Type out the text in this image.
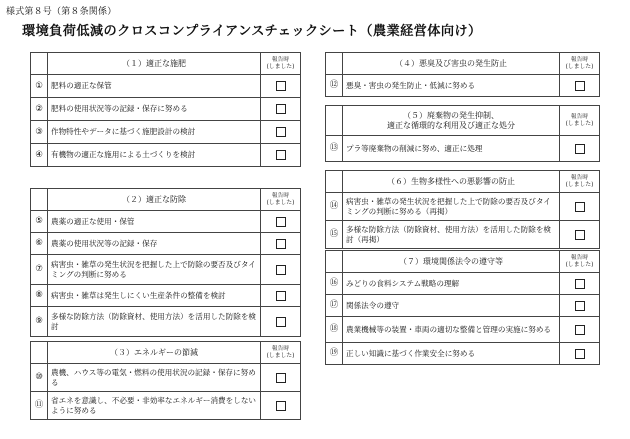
様式第８号（第８条関係）
環境負荷低減のクロスコンプライアンスチェックシート（農業経営体向け）
	（１）適正な施肥	報告時
(しました)
①	肥料の適正な保管	
②	肥料の使用状況等の記録・保存に努める	
③	作物特性やデータに基づく施肥設計の検討	
④	有機物の適正な施用による土づくりを検討	
	（２）適正な防除	報告時
(しました)
⑤	農薬の適正な使用・保管	
⑥	農薬の使用状況等の記録・保存	
⑦	病害虫・雑草の発生状況を把握した上で防除の要否及びタイミングの判断に努める	
⑧	病害虫・雑草は発生しにくい生産条件の整備を検討	
⑨	多様な防除方法（防除資材、使用方法）を活用した防除を検討	
	（３）エネルギーの節減	報告時
(しました)
⑩	農機、ハウス等の電気・燃料の使用状況の記録・保存に努める	
⑪	省エネを意識し、不必要・非効率なエネルギー消費をしないように努める	
	（４）悪臭及び害虫の発生防止	報告時
(しました)
⑫	悪臭・害虫の発生防止・低減に努める	
	（５）廃棄物の発生抑制、
適正な循環的な利用及び適正な処分	報告時
(しました)
⑬	プラ等廃棄物の削減に努め、適正に処理	
	（６）生物多様性への悪影響の防止	報告時
(しました)
⑭	病害虫・雑草の発生状況を把握した上で防除の要否及びタイミングの判断に努める（再掲）	
⑮	多様な防除方法（防除資材、使用方法）を活用した防除を検討（再掲）	
	（７）環境関係法令の遵守等	報告時
(しました)
⑯	みどりの食料システム戦略の理解	
⑰	関係法令の遵守	
⑱	農業機械等の装置・車両の適切な整備と管理の実施に努める	
⑲	正しい知識に基づく作業安全に努める	
